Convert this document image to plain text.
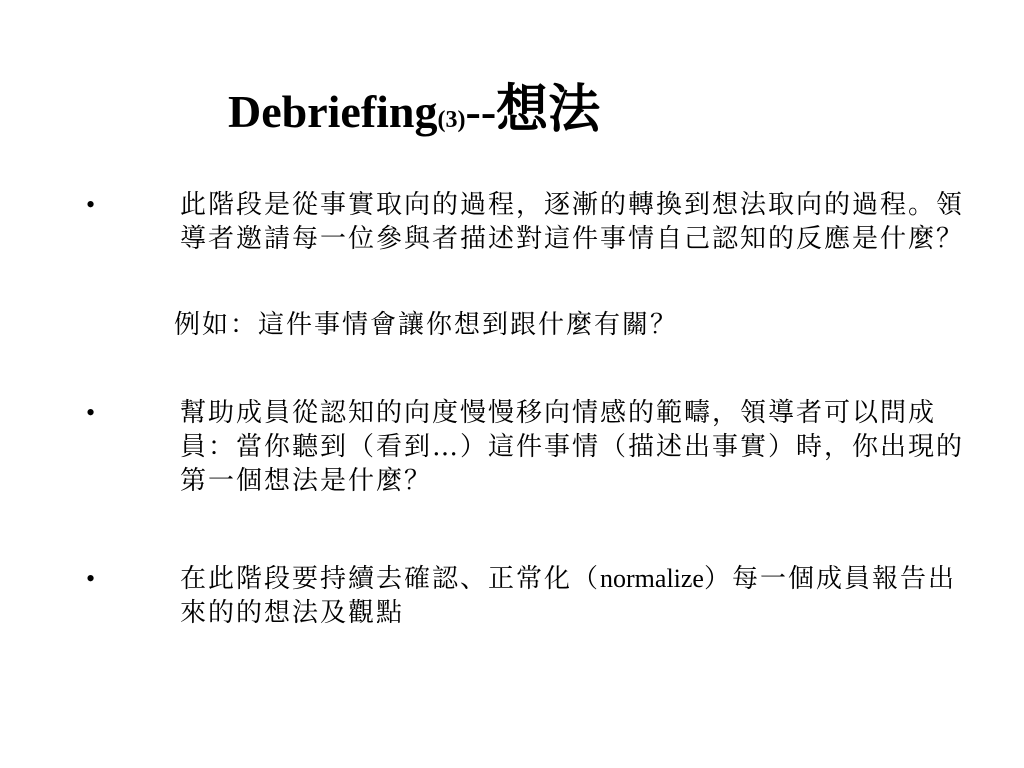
Debriefing(3)--想法
•	此階段是從事實取向的過程，逐漸的轉換到想法取向的過程。領導者邀請每一位參與者描述對這件事情自己認知的反應是什麼？
例如：這件事情會讓你想到跟什麼有關？
•	幫助成員從認知的向度慢慢移向情感的範疇，領導者可以問成員：當你聽到（看到…）這件事情（描述出事實）時，你出現的第一個想法是什麼？
•	在此階段要持續去確認、正常化（normalize）每一個成員報告出來的的想法及觀點
